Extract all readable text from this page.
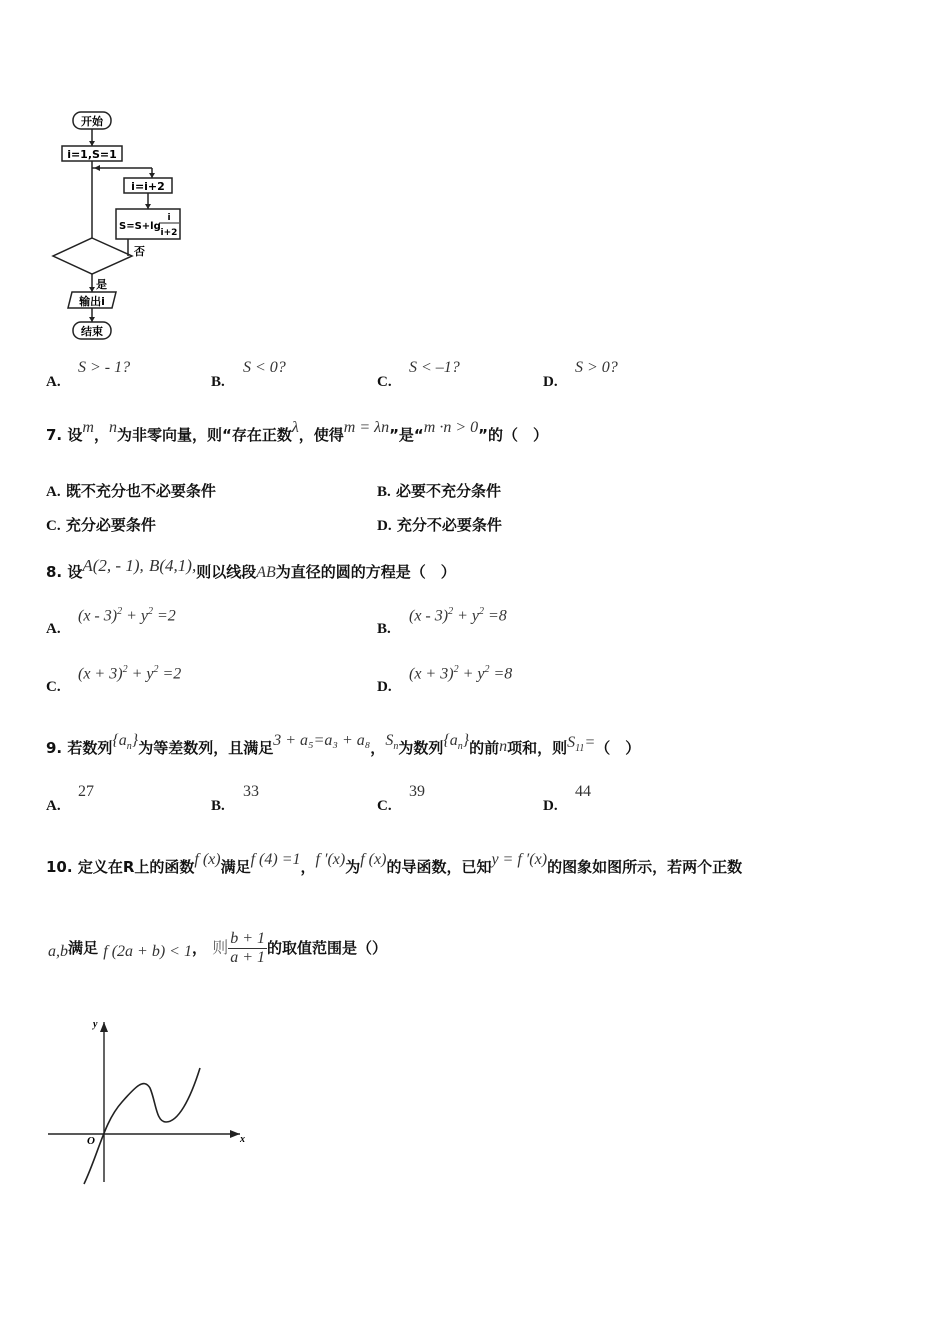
开始
i=1,S=1
i=i+2
S=S+lg
i
i+2
否
是
输出i
结束
A.
S > - 1?
B.
S < 0?
C.
S < –1?
D.
S > 0?
7. 设m，n为非零向量，则“存在正数λ，使得m = λn”是“m ·n > 0”的（　）
A. 既不充分也不必要条件	B. 必要不充分条件
C. 充分必要条件	D. 充分不必要条件
8. 设A(2, - 1), B(4,1),则以线段AB为直径的圆的方程是（　）
A.
$(x - 3)^2 + y^2 =2$
B.
$(x - 3)^2 + y^2 =8$
C.
$(x + 3)^2 + y^2 =2$
D.
$(x + 3)^2 + y^2 =8$
9. 若数列$\{a_n\}$为等差数列，且满足3 + a₅=a₃ + a₈，$S_n$为数列$\{a_n\}$的前n项和，则$S_{11}=$（　）
A.
27
B.
33
C.
39
D.
44
10. 定义在R上的函数f (x)满足f (4) =1，f ′(x)为f (x)的导函数，已知y = f ′(x)的图象如图所示，若两个正数
a,b满足 f (2a + b) < 1， 则 $\frac{b + 1}{a + 1}$ 的取值范围是（）
y
x
O
